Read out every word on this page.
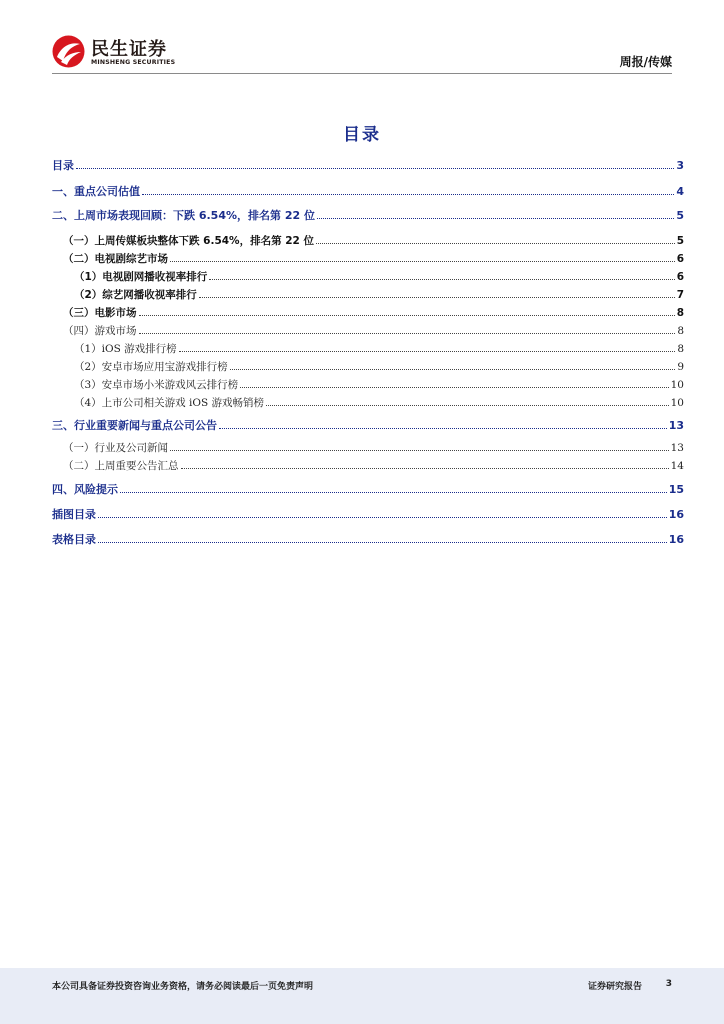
民生证券
MINSHENG SECURITIES	周报/传媒
目录
目录	3
一、重点公司估值	4
二、上周市场表现回顾：下跌 6.54%，排名第 22 位	5
（一）上周传媒板块整体下跌 6.54%，排名第 22 位	5
（二）电视剧综艺市场	6
（1）电视剧网播收视率排行	6
（2）综艺网播收视率排行	7
（三）电影市场	8
（四）游戏市场	8
（1）iOS 游戏排行榜	8
（2）安卓市场应用宝游戏排行榜	9
（3）安卓市场小米游戏风云排行榜	10
（4）上市公司相关游戏 iOS 游戏畅销榜	10
三、行业重要新闻与重点公司公告	13
（一）行业及公司新闻	13
（二）上周重要公告汇总	14
四、风险提示	15
插图目录	16
表格目录	16
本公司具备证券投资咨询业务资格，请务必阅读最后一页免责声明	证券研究报告	3
